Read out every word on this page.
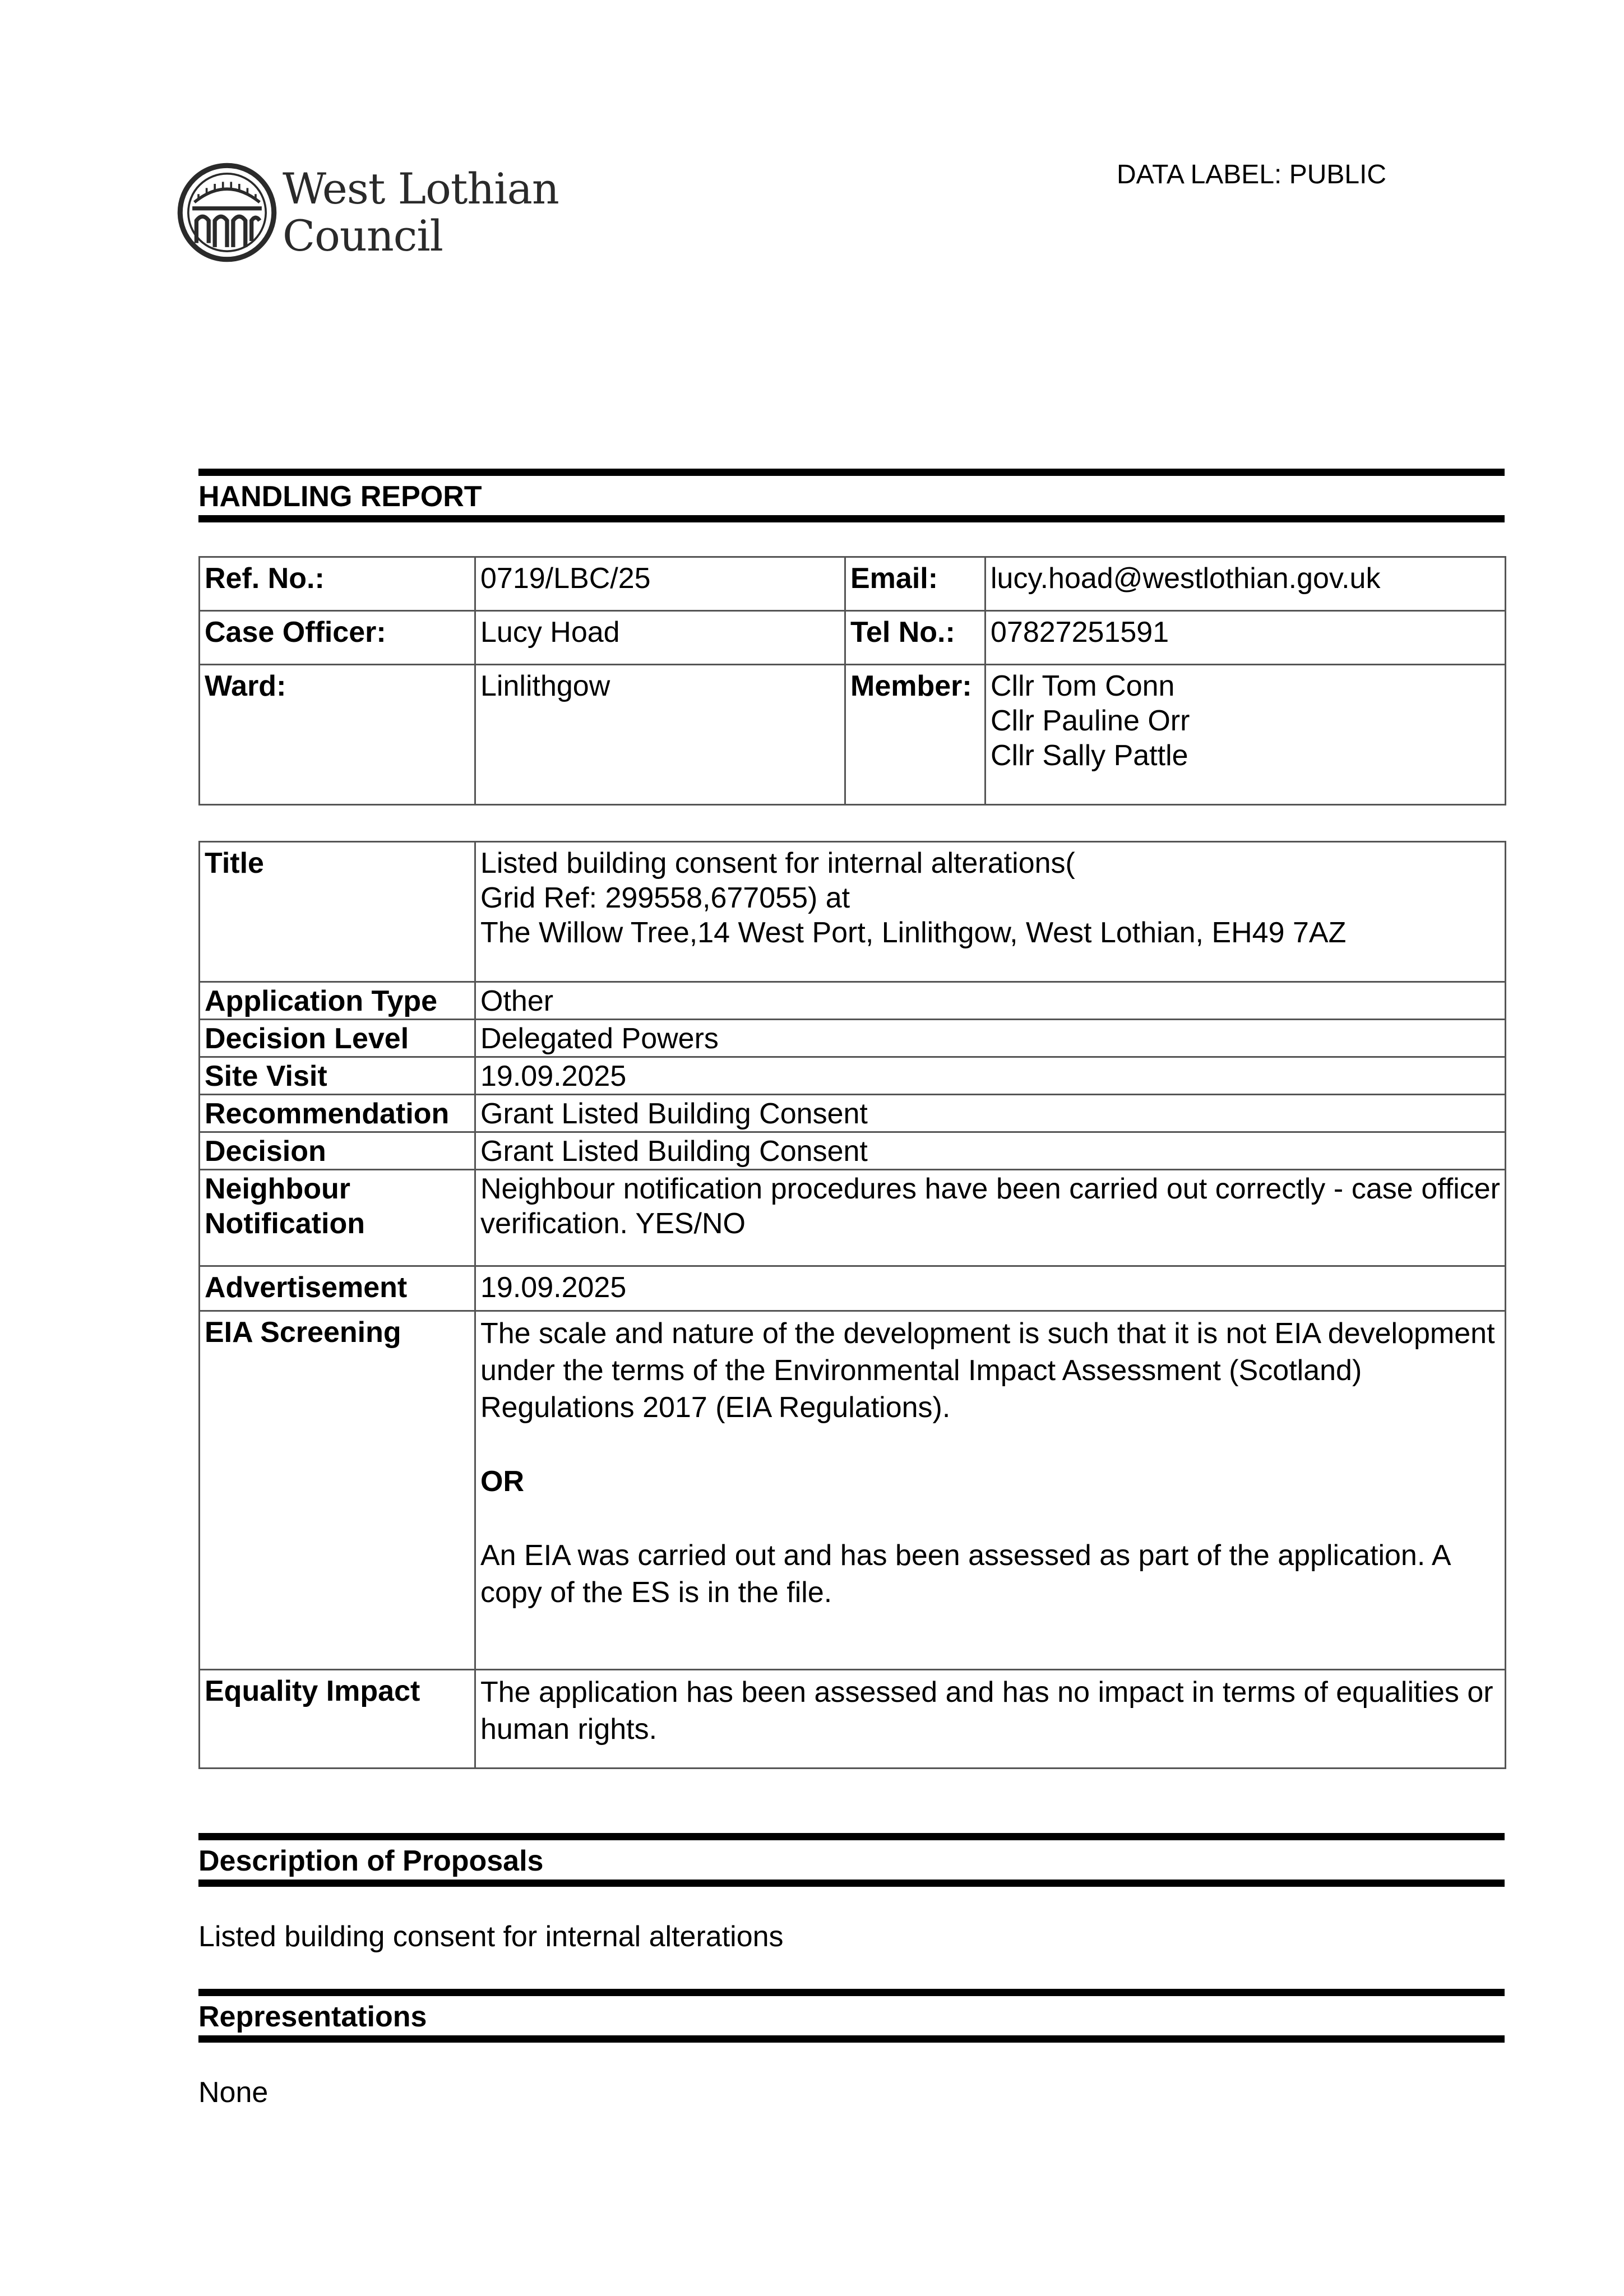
West Lothian
Council
DATA LABEL: PUBLIC
HANDLING REPORT
Ref. No.:	0719/LBC/25	Email:	lucy.hoad@westlothian.gov.uk
Case Officer:	Lucy Hoad	Tel No.:	07827251591
Ward:	Linlithgow	Member:	Cllr Tom Conn
Cllr Pauline Orr
Cllr Sally Pattle
Title	Listed building consent for internal alterations(
Grid Ref: 299558,677055) at
The Willow Tree,14 West Port, Linlithgow, West Lothian, EH49 7AZ
Application Type	Other
Decision Level	Delegated Powers
Site Visit	19.09.2025
Recommendation	Grant Listed Building Consent
Decision	Grant Listed Building Consent
Neighbour
Notification	Neighbour notification procedures have been carried out correctly - case officer verification. YES/NO
Advertisement	19.09.2025
EIA Screening	The scale and nature of the development is such that it is not EIA development under the terms of the Environmental Impact Assessment (Scotland) Regulations 2017 (EIA Regulations).
OR
An EIA was carried out and has been assessed as part of the application. A copy of the ES is in the file.

Equality Impact	The application has been assessed and has no impact in terms of equalities or human rights.
Description of Proposals
Listed building consent for internal alterations
Representations
None
